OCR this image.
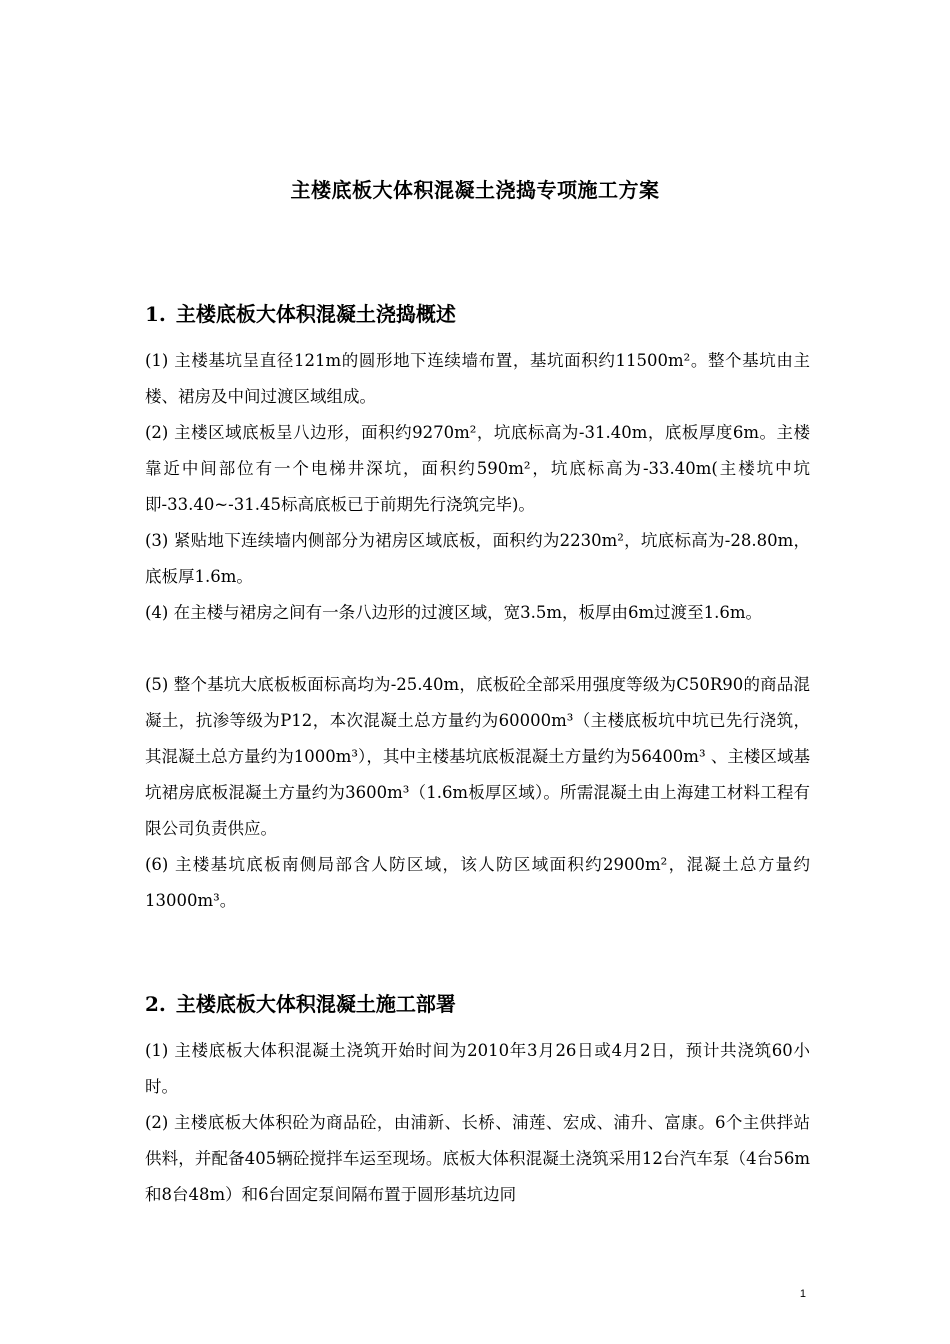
主楼底板大体积混凝土浇捣专项施工方案
1. 主楼底板大体积混凝土浇捣概述

(1) 主楼基坑呈直径121m的圆形地下连续墙布置，基坑面积约11500m²。整个基坑由主楼、裙房及中间过渡区域组成。

(2) 主楼区域底板呈八边形，面积约9270m²，坑底标高为-31.40m，底板厚度6m。主楼靠近中间部位有一个电梯井深坑，面积约590m²，坑底标高为-33.40m(主楼坑中坑即-33.40~-31.45标高底板已于前期先行浇筑完毕)。

(3) 紧贴地下连续墙内侧部分为裙房区域底板，面积约为2230m²，坑底标高为-28.80m，底板厚1.6m。

(4) 在主楼与裙房之间有一条八边形的过渡区域，宽3.5m，板厚由6m过渡至1.6m。

(5) 整个基坑大底板板面标高均为-25.40m，底板砼全部采用强度等级为C50R90的商品混凝土，抗渗等级为P12，本次混凝土总方量约为60000m³（主楼底板坑中坑已先行浇筑，其混凝土总方量约为1000m³），其中主楼基坑底板混凝土方量约为56400m³ 、主楼区域基坑裙房底板混凝土方量约为3600m³（1.6m板厚区域）。所需混凝土由上海建工材料工程有限公司负责供应。

(6) 主楼基坑底板南侧局部含人防区域，该人防区域面积约2900m²，混凝土总方量约13000m³。

2. 主楼底板大体积混凝土施工部署

(1) 主楼底板大体积混凝土浇筑开始时间为2010年3月26日或4月2日，预计共浇筑60小时。

(2) 主楼底板大体积砼为商品砼，由浦新、长桥、浦莲、宏成、浦升、富康。6个主供拌站供料，并配备405辆砼搅拌车运至现场。底板大体积混凝土浇筑采用12台汽车泵（4台56m和8台48m）和6台固定泵间隔布置于圆形基坑边同

1
